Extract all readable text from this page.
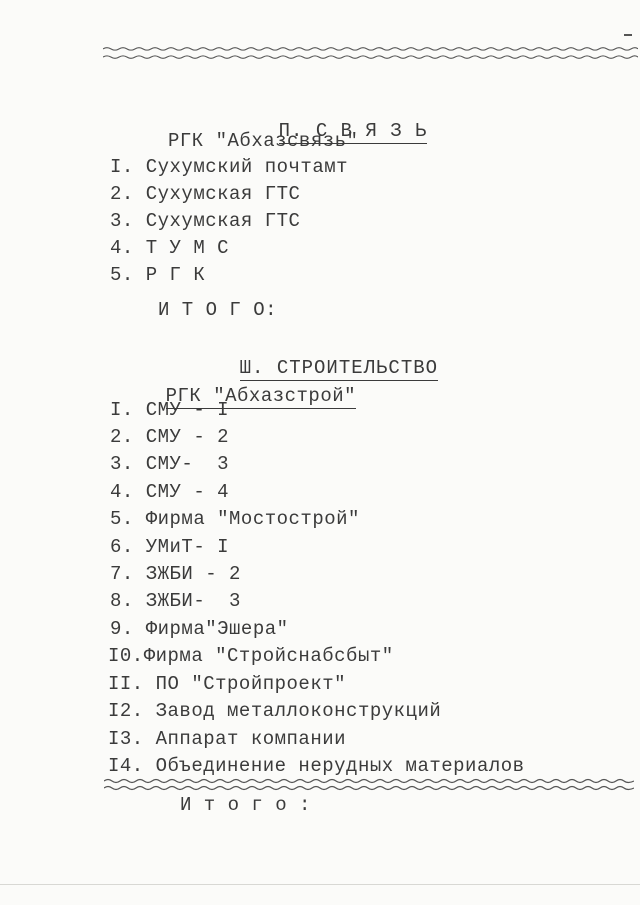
П. С В Я З Ь

РГК "Абхазсвязь"
I. Сухумский почтамт
2. Сухумская ГТС
3. Сухумская ГТС
4. Т У М С
5. Р Г К
И Т О Г О:

Ш. СТРОИТЕЛЬСТВО

РГК "Абхазстрой"

I. СМУ - I
2. СМУ - 2
3. СМУ-  3
4. СМУ - 4
5. Фирма "Мостострой"
6. УМиТ- I
7. ЗЖБИ - 2
8. ЗЖБИ-  3
9. Фирма"Эшера"
I0.Фирма "Стройснабсбыт"
II. ПО "Стройпроект"
I2. Завод металлоконструкций
I3. Аппарат компании
I4. Объединение нерудных материалов
И т о г о :
